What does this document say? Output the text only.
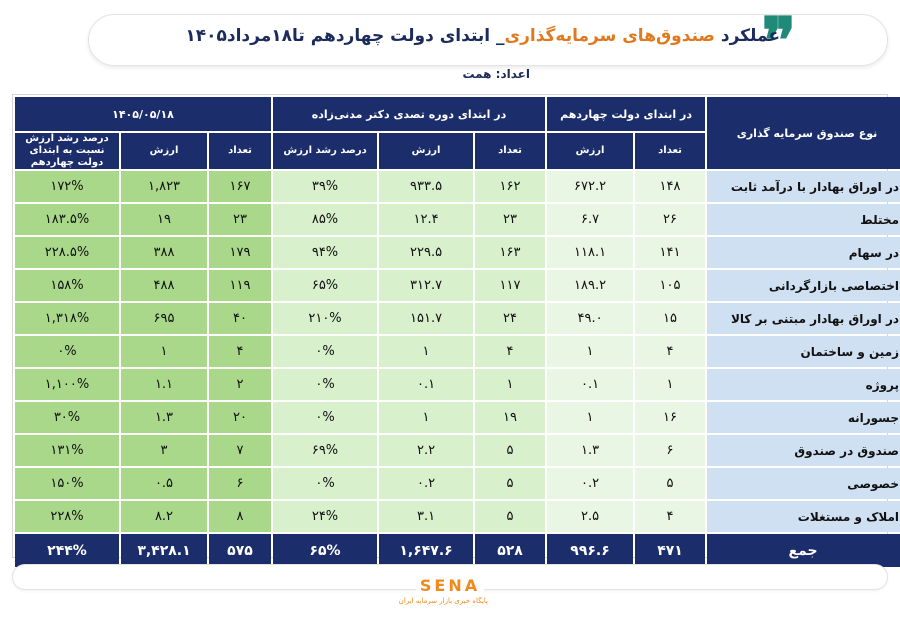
❞
عملکرد صندوق‌های سرمایه‌گذاری_ ابتدای دولت چهاردهم تا۱۸مرداد۱۴۰۵
اعداد: همت
نوع صندوق سرمایه گذاری	در ابتدای دولت چهاردهم		در ابتدای دوره تصدی دکتر مدنی‌زاده			۱۴۰۵/۰۵/۱۸		
	تعداد	ارزش	تعداد	ارزش	درصد رشد ارزش	تعداد	ارزش	درصد رشد ارزش نسبت به ابتدای دولت چهاردهم
در اوراق بهادار با درآمد ثابت	۱۴۸	۶۷۲.۲	۱۶۲	۹۳۳.۵	۳۹%	۱۶۷	۱,۸۲۳	۱۷۲%
مختلط	۲۶	۶.۷	۲۳	۱۲.۴	۸۵%	۲۳	۱۹	۱۸۳.۵%
در سهام	۱۴۱	۱۱۸.۱	۱۶۳	۲۲۹.۵	۹۴%	۱۷۹	۳۸۸	۲۲۸.۵%
اختصاصی بازارگردانی	۱۰۵	۱۸۹.۲	۱۱۷	۳۱۲.۷	۶۵%	۱۱۹	۴۸۸	۱۵۸%
در اوراق بهادار مبتنی بر کالا	۱۵	۴۹.۰	۲۴	۱۵۱.۷	۲۱۰%	۴۰	۶۹۵	۱,۳۱۸%
زمین و ساختمان	۴	۱	۴	۱	۰%	۴	۱	۰%
پروژه	۱	۰.۱	۱	۰.۱	۰%	۲	۱.۱	۱,۱۰۰%
جسورانه	۱۶	۱	۱۹	۱	۰%	۲۰	۱.۳	۳۰%
صندوق در صندوق	۶	۱.۳	۵	۲.۲	۶۹%	۷	۳	۱۳۱%
خصوصی	۵	۰.۲	۵	۰.۲	۰%	۶	۰.۵	۱۵۰%
املاک و مستغلات	۴	۲.۵	۵	۳.۱	۲۴%	۸	۸.۲	۲۲۸%
جمع	۴۷۱	۹۹۶.۶	۵۲۸	۱,۶۴۷.۶	۶۵%	۵۷۵	۳,۴۲۸.۱	۲۴۴%
SENA
پایگاه خبری بازار سرمایه ایران
